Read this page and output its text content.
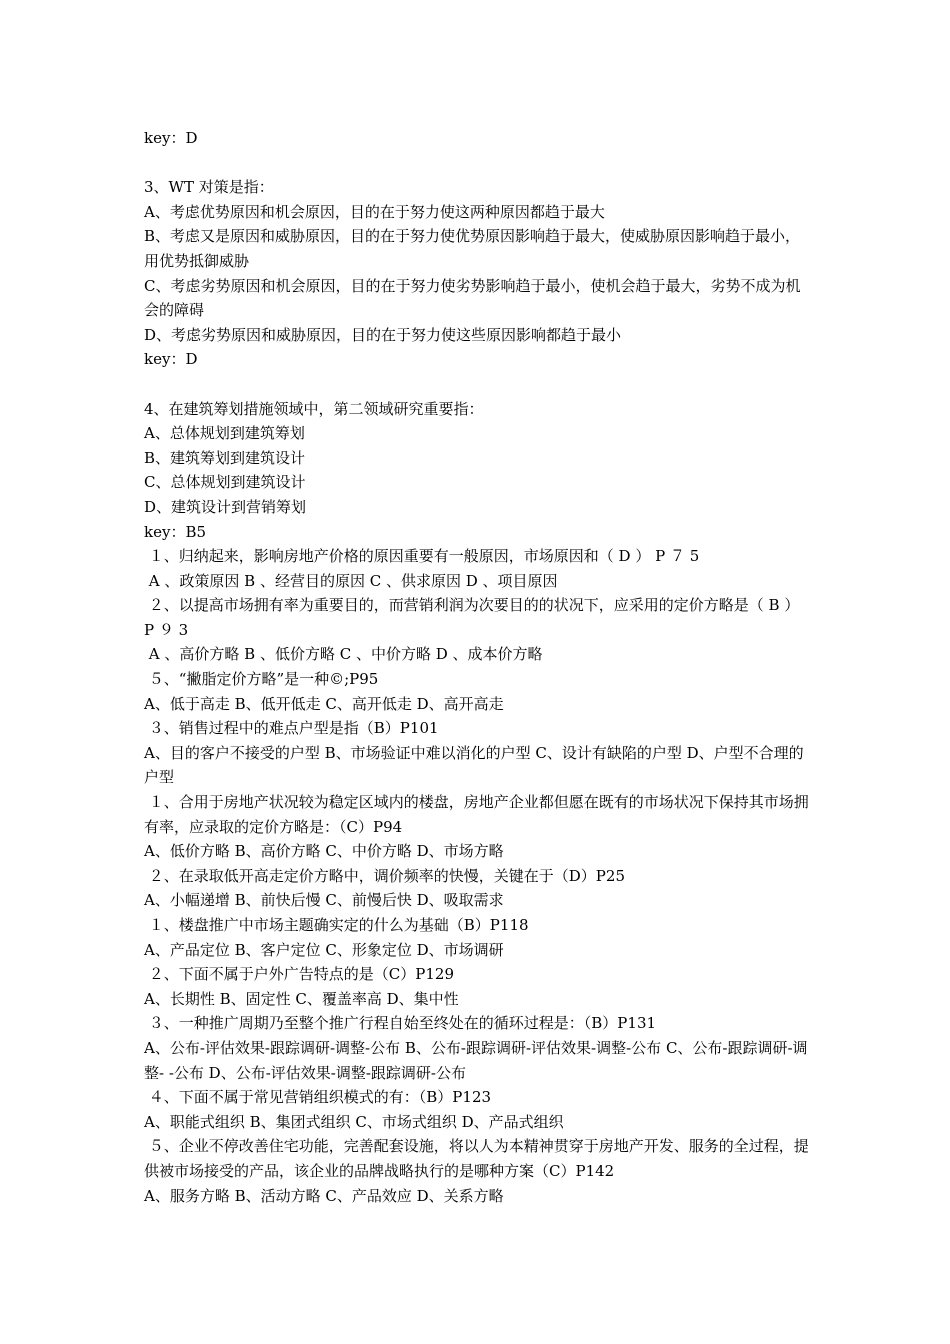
key：D
3、WT 对策是指：
A、考虑优势原因和机会原因，目的在于努力使这两种原因都趋于最大
B、考虑又是原因和威胁原因，目的在于努力使优势原因影响趋于最大，使威胁原因影响趋于最小，用优势抵御威胁
C、考虑劣势原因和机会原因，目的在于努力使劣势影响趋于最小，使机会趋于最大，劣势不成为机会的障碍
D、考虑劣势原因和威胁原因，目的在于努力使这些原因影响都趋于最小
key：D
4、在建筑筹划措施领域中，第二领域研究重要指：
A、总体规划到建筑筹划
B、建筑筹划到建筑设计
C、总体规划到建筑设计
D、建筑设计到营销筹划
key：B5
１、归纳起来，影响房地产价格的原因重要有一般原因，市场原因和（ D ） P ７ 5
A 、政策原因 B 、经营目的原因 C 、供求原因 D 、项目原因
２、以提高市场拥有率为重要目的，而营销利润为次要目的的状况下，应采用的定价方略是（ B ） P ９ 3
A 、高价方略 B 、低价方略 C 、中价方略 D 、成本价方略
５、“撇脂定价方略”是一种©;P95
A、低于高走 B、低开低走 C、高开低走 D、高开高走
３、销售过程中的难点户型是指（B）P101
A、目的客户不接受的户型 B、市场验证中难以消化的户型 C、设计有缺陷的户型 D、户型不合理的户型
１、合用于房地产状况较为稳定区域内的楼盘，房地产企业都但愿在既有的市场状况下保持其市场拥有率，应录取的定价方略是：（C）P94
A、低价方略 B、高价方略 C、中价方略 D、市场方略
２、在录取低开高走定价方略中，调价频率的快慢，关键在于（D）P25
A、小幅递增 B、前快后慢 C、前慢后快 D、吸取需求
１、楼盘推广中市场主题确实定的什么为基础（B）P118
A、产品定位 B、客户定位 C、形象定位 D、市场调研
２、下面不属于户外广告特点的是（C）P129
A、长期性 B、固定性 C、覆盖率高 D、集中性
３、一种推广周期乃至整个推广行程自始至终处在的循环过程是：（B）P131
A、公布-评估效果-跟踪调研-调整-公布 B、公布-跟踪调研-评估效果-调整-公布 C、公布-跟踪调研-调整- -公布 D、公布-评估效果-调整-跟踪调研-公布
４、下面不属于常见营销组织模式的有：（B）P123
A、职能式组织 B、集团式组织 C、市场式组织 D、产品式组织
５、企业不停改善住宅功能，完善配套设施，将以人为本精神贯穿于房地产开发、服务的全过程，提供被市场接受的产品，该企业的品牌战略执行的是哪种方案（C）P142
A、服务方略 B、活动方略 C、产品效应 D、关系方略
